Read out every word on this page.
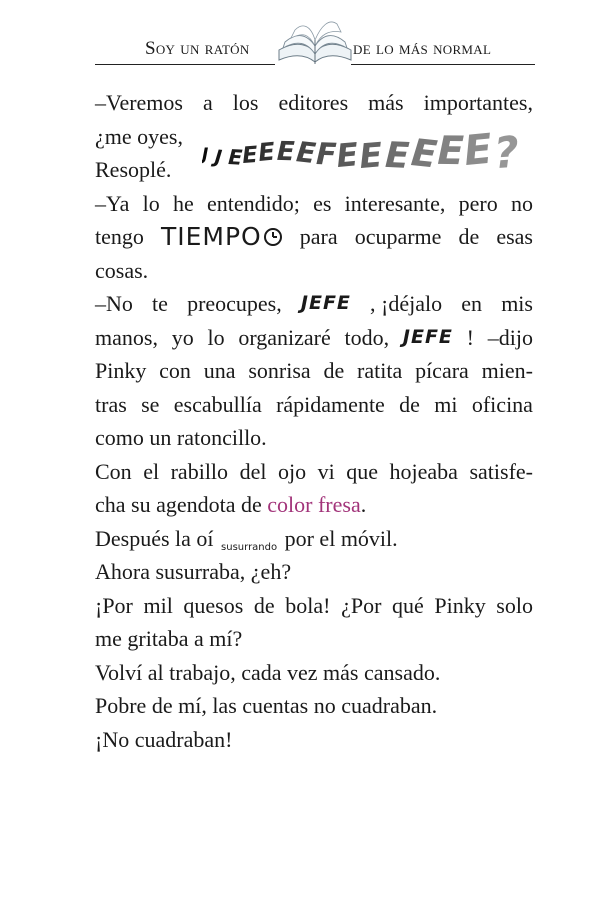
Soy un ratón	de lo más normal
J J E
E
E E E
F
E
E E E
E
E
?
–Veremos a los editores más importantes,
¿me oyes,
Resoplé.
–Ya lo he entendido; es interesante, pero no
tengo TIEMPO	para ocuparme de esas
cosas.
–No te preocupes, JEFE , ¡déjalo en mis
manos, yo lo organizaré todo, JEFE ! –dijo
Pinky con una sonrisa de ratita pícara mien-
tras se escabullía rápidamente de mi oficina
como un ratoncillo.
Con el rabillo del ojo vi que hojeaba satisfe-
cha su agendota de color fresa.
Después la oí susurrando por el móvil.
Ahora susurraba, ¿eh?
¡Por mil quesos de bola! ¿Por qué Pinky solo
me gritaba a mí?
Volví al trabajo, cada vez más cansado.
Pobre de mí, las cuentas no cuadraban.
¡No cuadraban!
